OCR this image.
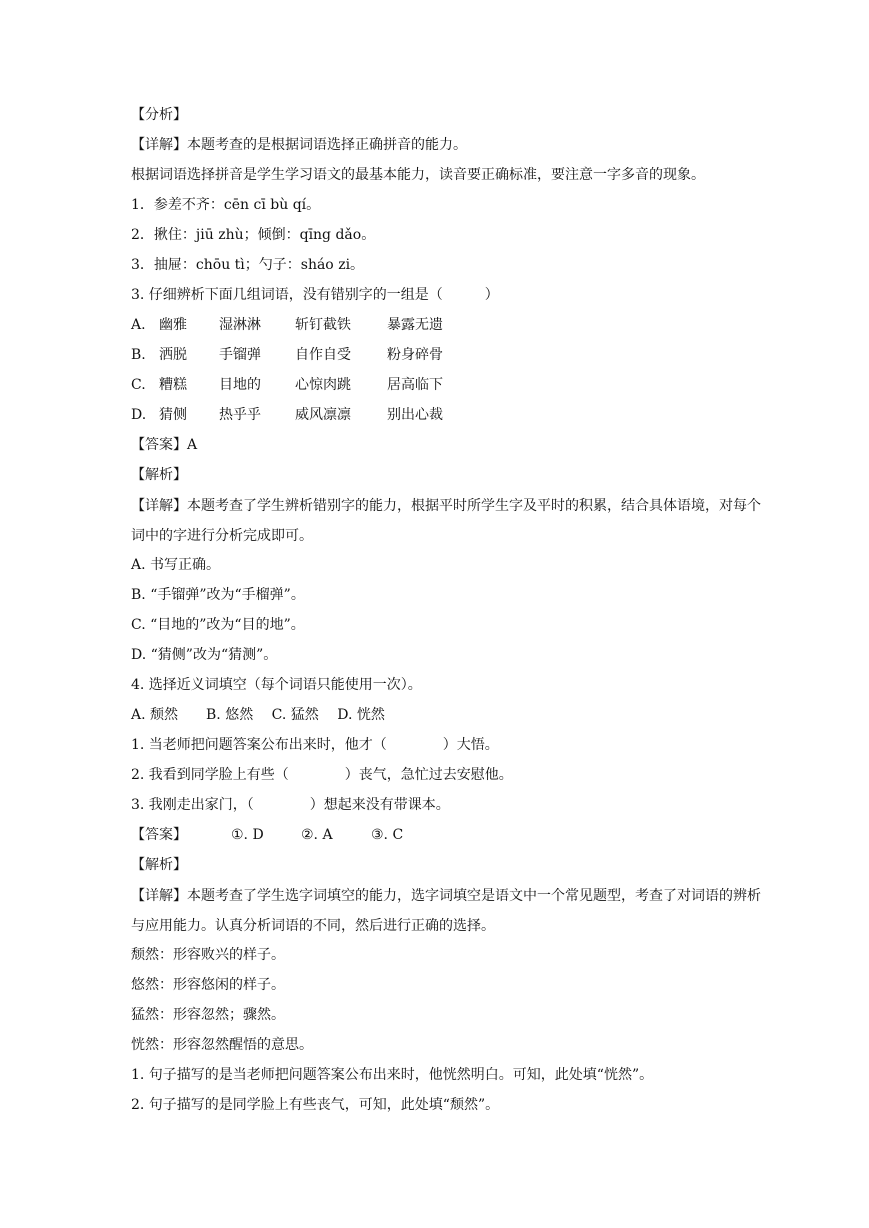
【分析】
【详解】本题考查的是根据词语选择正确拼音的能力。
根据词语选择拼音是学生学习语文的最基本能力，读音要正确标准，要注意一字多音的现象。
1．参差不齐：cēn cī bù qí。
2．揪住：jiū zhù；倾倒：qīng dǎo。
3．抽屉：chōu tì；勺子：sháo zi。
3. 仔细辨析下面几组词语，没有错别字的一组是（　　　）
A. 幽雅 湿淋淋 斩钉截铁	暴露无遗
B. 洒脱 手镏弹 自作自受	粉身碎骨
C. 糟糕 目地的 心惊肉跳	居高临下
D. 猜侧 热乎乎 威风凛凛	别出心裁
【答案】A
【解析】
【详解】本题考查了学生辨析错别字的能力，根据平时所学生字及平时的积累，结合具体语境，对每个词中的字进行分析完成即可。
A. 书写正确。
B. “手镏弹”改为“手榴弹”。
C. “目地的”改为“目的地”。
D. “猜侧”改为“猜测”。
4. 选择近义词填空（每个词语只能使用一次）。
A. 颓然　　B. 悠然　 C. 猛然　 D. 恍然
1. 当老师把问题答案公布出来时，他才（　　　　）大悟。
2. 我看到同学脸上有些（　　　　）丧气，急忙过去安慰他。
3. 我刚走出家门，（　　　　）想起来没有带课本。
【答案】	①. D	②. A	③. C
【解析】
【详解】本题考查了学生选字词填空的能力，选字词填空是语文中一个常见题型，考查了对词语的辨析与应用能力。认真分析词语的不同，然后进行正确的选择。
颓然：形容败兴的样子。
悠然：形容悠闲的样子。
猛然：形容忽然；骤然。
恍然：形容忽然醒悟的意思。
1. 句子描写的是当老师把问题答案公布出来时，他恍然明白。可知，此处填“恍然”。
2. 句子描写的是同学脸上有些丧气，可知，此处填“颓然”。
